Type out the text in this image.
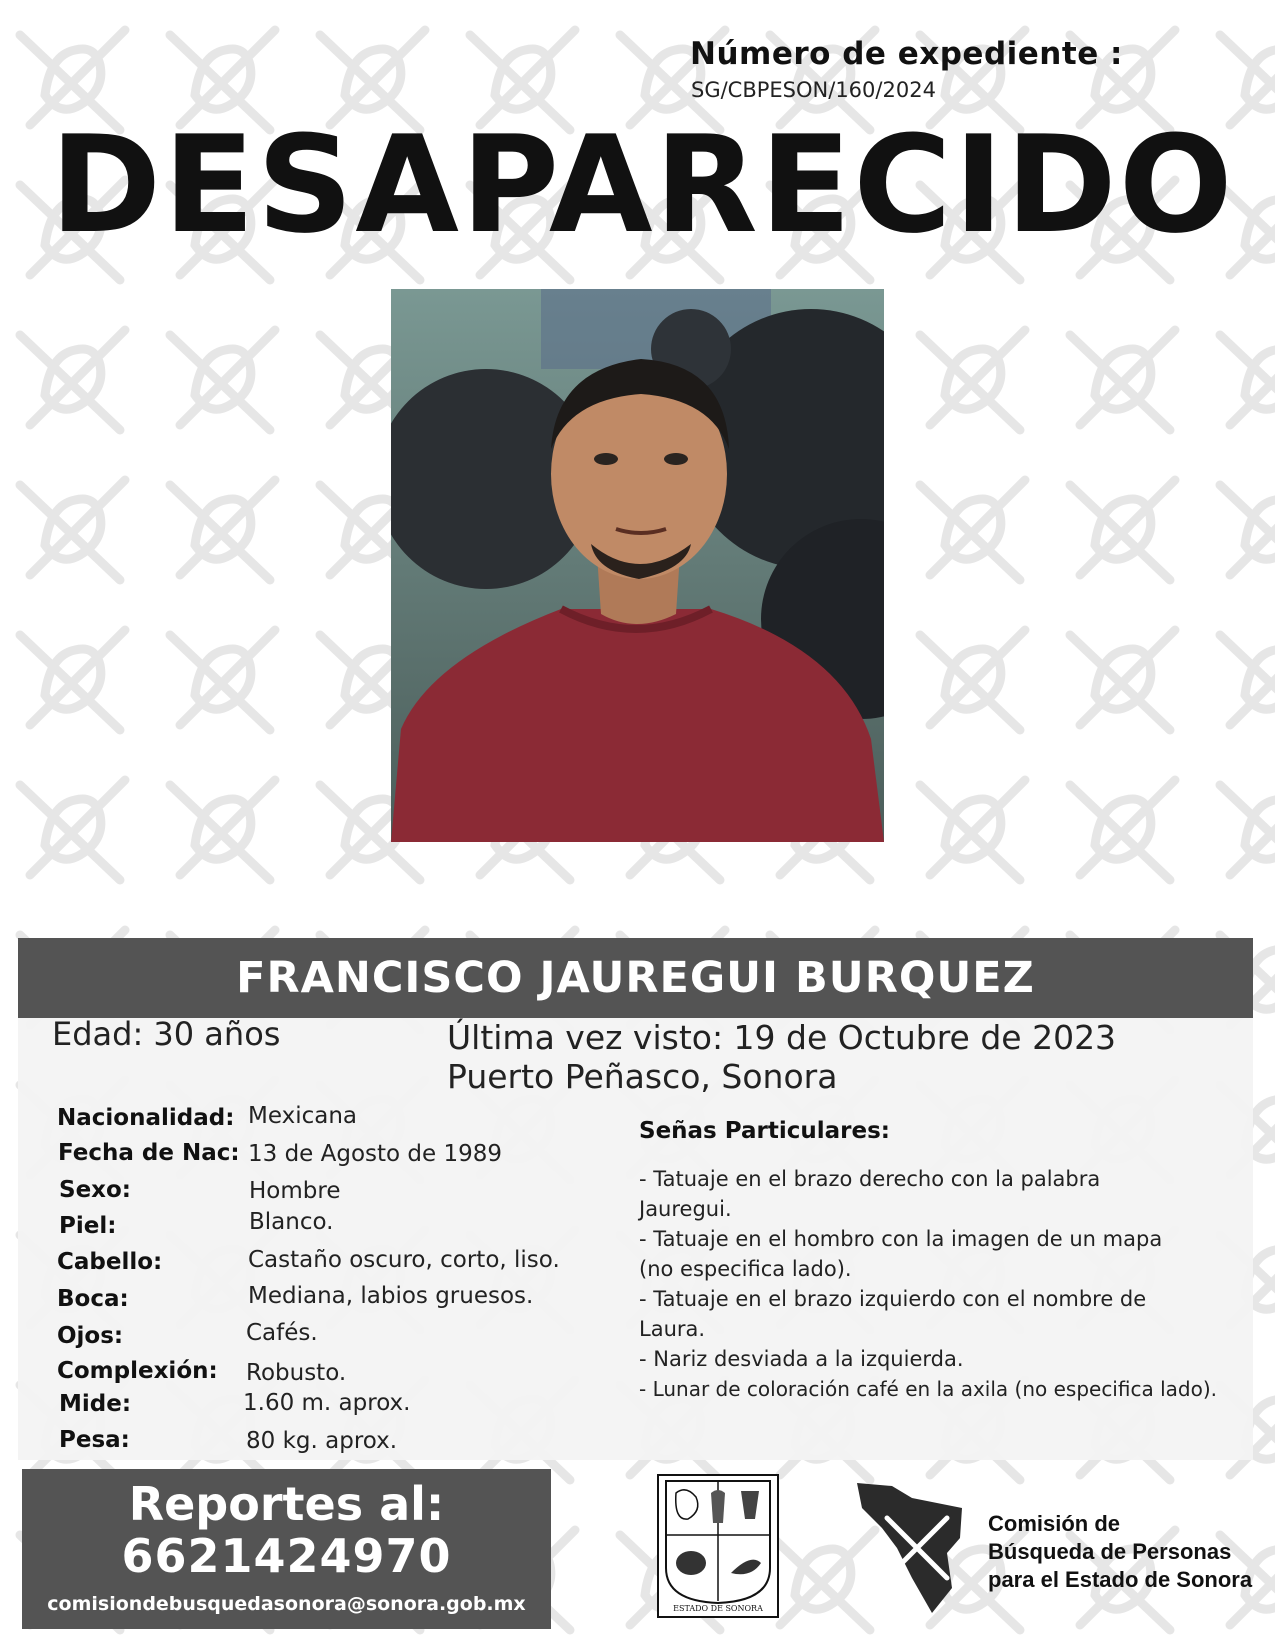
Número de expediente :
SG/CBPESON/160/2024
DESAPARECIDO
FRANCISCO JAUREGUI BURQUEZ
Edad: 30 años	Última vez visto: 19 de Octubre de 2023
Puerto Peñasco, Sonora
Nacionalidad: Mexicana
Fecha de Nac: 13 de Agosto de 1989
Sexo:	Hombre
Piel:	Blanco.
Cabello:	Castaño oscuro, corto, liso.
Boca:	Mediana, labios gruesos.
Ojos:	Cafés.
Complexión: Robusto.
Mide:	1.60 m. aprox.
Pesa:	80 kg. aprox.
Señas Particulares:
- Tatuaje en el brazo derecho con la palabra
Jauregui.
- Tatuaje en el hombro con la imagen de un mapa
(no especifica lado).
- Tatuaje en el brazo izquierdo con el nombre de
Laura.
- Nariz desviada a la izquierda.
- Lunar de coloración café en la axila (no especifica lado).
Reportes al:
6621424970
comisiondebusquedasonora@sonora.gob.mx	ESTADO DE SONORA
Comisión de
Búsqueda de Personas
para el Estado de Sonora
